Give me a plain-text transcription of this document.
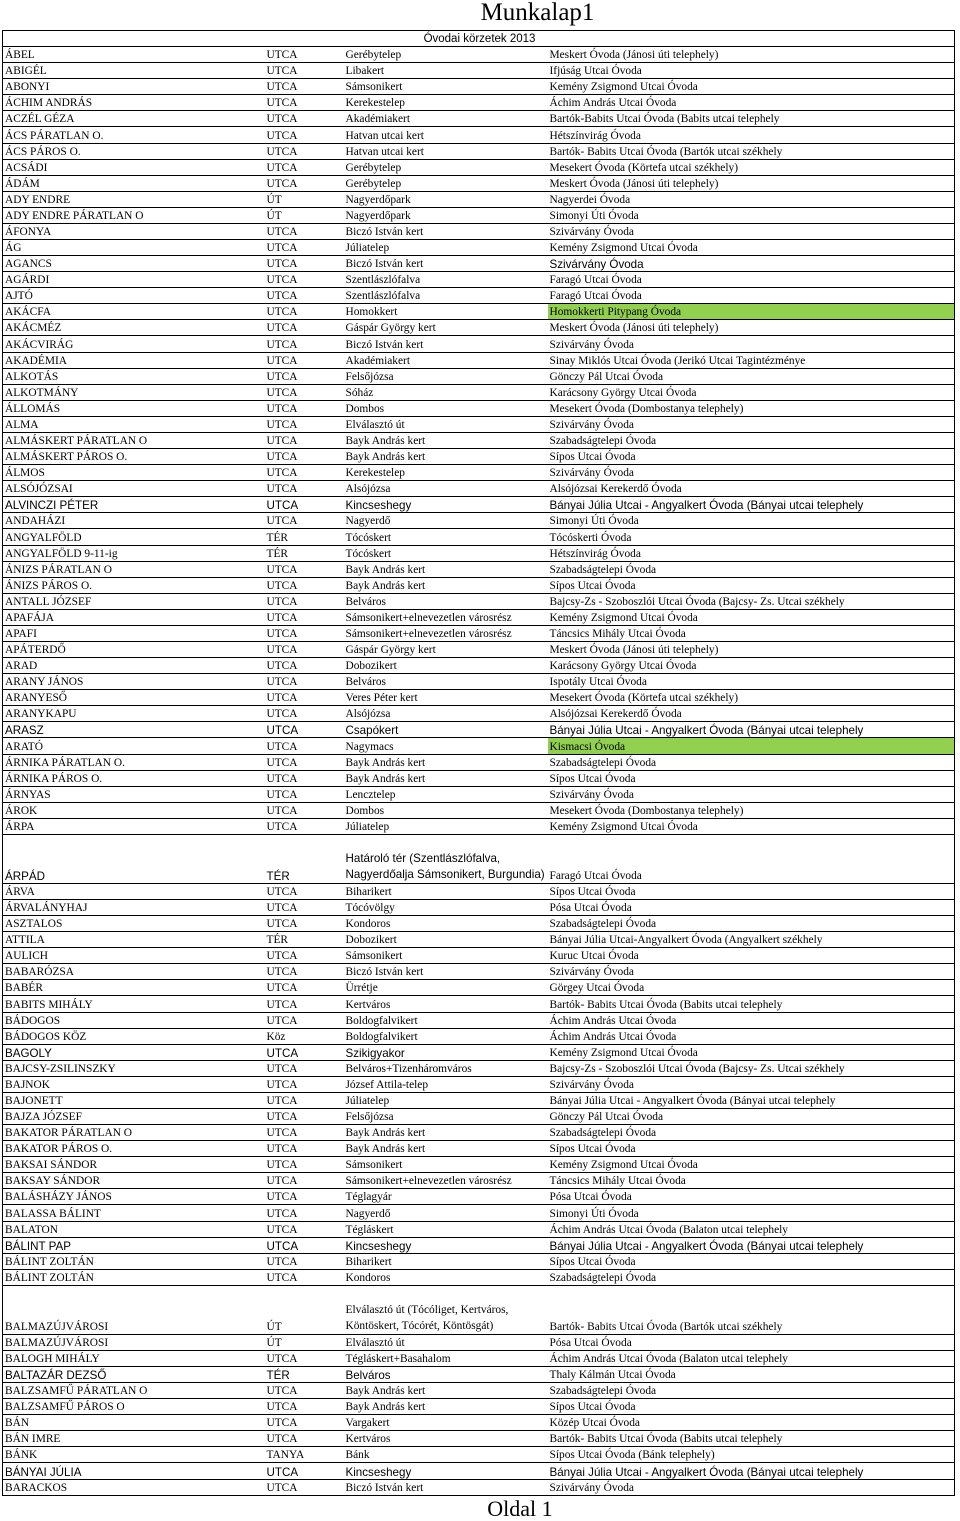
Munkalap1
Óvodai körzetek 2013			
ÁBEL	UTCA	Gerébytelep	Meskert Óvoda (Jánosi úti telephely)
ABIGÉL	UTCA	Libakert	Ifjúság Utcai Óvoda
ABONYI	UTCA	Sámsonikert	Kemény Zsigmond Utcai Óvoda
ÁCHIM ANDRÁS	UTCA	Kerekestelep	Áchim András Utcai Óvoda
ACZÉL GÉZA	UTCA	Akadémiakert	Bartók-Babits Utcai Óvoda (Babits utcai telephely
ÁCS PÁRATLAN O.	UTCA	Hatvan utcai kert	Hétszínvirág Óvoda
ÁCS PÁROS O.	UTCA	Hatvan utcai kert	Bartók- Babits Utcai Óvoda (Bartók utcai székhely
ACSÁDI	UTCA	Gerébytelep	Mesekert Óvoda (Körtefa utcai székhely)
ÁDÁM	UTCA	Gerébytelep	Meskert Óvoda (Jánosi úti telephely)
ADY ENDRE	ÚT	Nagyerdőpark	Nagyerdei Óvoda
ADY ENDRE PÁRATLAN O	ÚT	Nagyerdőpark	Simonyi Úti Óvoda
ÁFONYA	UTCA	Biczó István kert	Szivárvány Óvoda
ÁG	UTCA	Júliatelep	Kemény Zsigmond Utcai Óvoda
AGANCS	UTCA	Biczó István kert	Szivárvány Óvoda
AGÁRDI	UTCA	Szentlászlófalva	Faragó Utcai Óvoda
AJTÓ	UTCA	Szentlászlófalva	Faragó Utcai Óvoda
AKÁCFA	UTCA	Homokkert	Homokkerti Pitypang Óvoda
AKÁCMÉZ	UTCA	Gáspár György kert	Meskert Óvoda (Jánosi úti telephely)
AKÁCVIRÁG	UTCA	Biczó István kert	Szivárvány Óvoda
AKADÉMIA	UTCA	Akadémiakert	Sinay Miklós Utcai Óvoda (Jerikó Utcai Tagintézménye
ALKOTÁS	UTCA	Felsőjózsa	Gönczy Pál Utcai Óvoda
ALKOTMÁNY	UTCA	Sóház	Karácsony György Utcai Óvoda
ÁLLOMÁS	UTCA	Dombos	Mesekert Óvoda (Dombostanya telephely)
ALMA	UTCA	Elválasztó út	Szivárvány Óvoda
ALMÁSKERT PÁRATLAN O	UTCA	Bayk András kert	Szabadságtelepi Óvoda
ALMÁSKERT PÁROS O.	UTCA	Bayk András kert	Sípos Utcai Óvoda
ÁLMOS	UTCA	Kerekestelep	Szivárvány Óvoda
ALSÓJÓZSAI	UTCA	Alsójózsa	Alsójózsai Kerekerdő Óvoda
ALVINCZI PÉTER	UTCA	Kincseshegy	Bányai Júlia Utcai - Angyalkert Óvoda (Bányai utcai telephely
ANDAHÁZI	UTCA	Nagyerdő	Simonyi Úti Óvoda
ANGYALFÖLD	TÉR	Tócóskert	Tócóskerti Óvoda
ANGYALFÖLD 9-11-ig	TÉR	Tócóskert	Hétszínvirág Óvoda
ÁNIZS PÁRATLAN O	UTCA	Bayk András kert	Szabadságtelepi Óvoda
ÁNIZS PÁROS O.	UTCA	Bayk András kert	Sípos Utcai Óvoda
ANTALL JÓZSEF	UTCA	Belváros	Bajcsy-Zs - Szoboszlói Utcai Óvoda (Bajcsy- Zs. Utcai székhely
APAFÁJA	UTCA	Sámsonikert+elnevezetlen városrész	Kemény Zsigmond Utcai Óvoda
APAFI	UTCA	Sámsonikert+elnevezetlen városrész	Táncsics Mihály Utcai Óvoda
APÁTERDŐ	UTCA	Gáspár György kert	Meskert Óvoda (Jánosi úti telephely)
ARAD	UTCA	Dobozikert	Karácsony György Utcai Óvoda
ARANY JÁNOS	UTCA	Belváros	Ispotály Utcai Óvoda
ARANYESŐ	UTCA	Veres Péter kert	Mesekert Óvoda (Körtefa utcai székhely)
ARANYKAPU	UTCA	Alsójózsa	Alsójózsai Kerekerdő Óvoda
ARASZ	UTCA	Csapókert	Bányai Júlia Utcai - Angyalkert Óvoda (Bányai utcai telephely
ARATÓ	UTCA	Nagymacs	Kismacsi Óvoda
ÁRNIKA PÁRATLAN O.	UTCA	Bayk András kert	Szabadságtelepi Óvoda
ÁRNIKA PÁROS O.	UTCA	Bayk András kert	Sípos Utcai Óvoda
ÁRNYAS	UTCA	Lencztelep	Szivárvány Óvoda
ÁROK	UTCA	Dombos	Mesekert Óvoda (Dombostanya telephely)
ÁRPA	UTCA	Júliatelep	Kemény Zsigmond Utcai Óvoda
ÁRPÁD	TÉR	Határoló tér (Szentlászlófalva, Nagyerdőalja Sámsonikert, Burgundia)	Faragó Utcai Óvoda
ÁRVA	UTCA	Biharikert	Sípos Utcai Óvoda
ÁRVALÁNYHAJ	UTCA	Tócóvölgy	Pósa Utcai Óvoda
ASZTALOS	UTCA	Kondoros	Szabadságtelepi Óvoda
ATTILA	TÉR	Dobozikert	Bányai Júlia Utcai-Angyalkert Óvoda (Angyalkert székhely
AULICH	UTCA	Sámsonikert	Kuruc Utcai Óvoda
BABARÓZSA	UTCA	Biczó István kert	Szivárvány Óvoda
BABÉR	UTCA	Ürrétje	Görgey Utcai Óvoda
BABITS MIHÁLY	UTCA	Kertváros	Bartók- Babits Utcai Óvoda (Babits utcai telephely
BÁDOGOS	UTCA	Boldogfalvikert	Áchim András Utcai Óvoda
BÁDOGOS KÖZ	Köz	Boldogfalvikert	Áchim András Utcai Óvoda
BAGOLY	UTCA	Szikigyakor	Kemény Zsigmond Utcai Óvoda
BAJCSY-ZSILINSZKY	UTCA	Belváros+Tizenháromváros	Bajcsy-Zs - Szoboszlói Utcai Óvoda (Bajcsy- Zs. Utcai székhely
BAJNOK	UTCA	József Attila-telep	Szivárvány Óvoda
BAJONETT	UTCA	Júliatelep	Bányai Júlia Utcai - Angyalkert Óvoda (Bányai utcai telephely
BAJZA JÓZSEF	UTCA	Felsőjózsa	Gönczy Pál Utcai Óvoda
BAKATOR PÁRATLAN O	UTCA	Bayk András kert	Szabadságtelepi Óvoda
BAKATOR PÁROS O.	UTCA	Bayk András kert	Sípos Utcai Óvoda
BAKSAI SÁNDOR	UTCA	Sámsonikert	Kemény Zsigmond Utcai Óvoda
BAKSAY SÁNDOR	UTCA	Sámsonikert+elnevezetlen városrész	Táncsics Mihály Utcai Óvoda
BALÁSHÁZY JÁNOS	UTCA	Téglagyár	Pósa Utcai Óvoda
BALASSA BÁLINT	UTCA	Nagyerdő	Simonyi Úti Óvoda
BALATON	UTCA	Tégláskert	Áchim András Utcai Óvoda (Balaton utcai telephely
BÁLINT PAP	UTCA	Kincseshegy	Bányai Júlia Utcai - Angyalkert Óvoda (Bányai utcai telephely
BÁLINT ZOLTÁN	UTCA	Biharikert	Sípos Utcai Óvoda
BÁLINT ZOLTÁN	UTCA	Kondoros	Szabadságtelepi Óvoda
BALMAZÚJVÁROSI	ÚT	Elválasztó út (Tócóliget, Kertváros, Köntöskert, Tócórét, Köntösgát)	Bartók- Babits Utcai Óvoda (Bartók utcai székhely
BALMAZÚJVÁROSI	ÚT	Elválasztó út	Pósa Utcai Óvoda
BALOGH MIHÁLY	UTCA	Tégláskert+Basahalom	Áchim András Utcai Óvoda (Balaton utcai telephely
BALTAZÁR DEZSŐ	TÉR	Belváros	Thaly Kálmán Utcai Óvoda
BALZSAMFŰ PÁRATLAN O	UTCA	Bayk András kert	Szabadságtelepi Óvoda
BALZSAMFŰ PÁROS O	UTCA	Bayk András kert	Sípos Utcai Óvoda
BÁN	UTCA	Vargakert	Közép Utcai Óvoda
BÁN IMRE	UTCA	Kertváros	Bartók- Babits Utcai Óvoda (Babits utcai telephely
BÁNK	TANYA	Bánk	Sípos Utcai Óvoda (Bánk telephely)
BÁNYAI JÚLIA	UTCA	Kincseshegy	Bányai Júlia Utcai - Angyalkert Óvoda (Bányai utcai telephely
BARACKOS	UTCA	Biczó István kert	Szivárvány Óvoda
Oldal 1
